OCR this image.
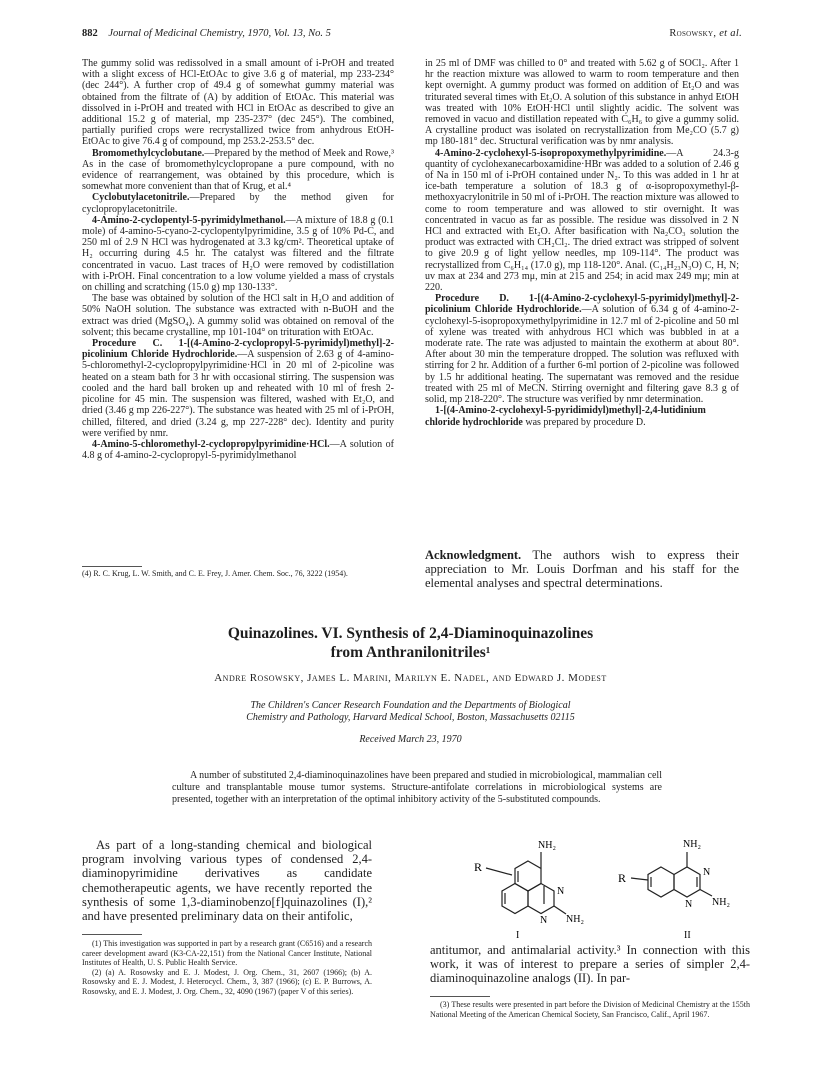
882 Journal of Medicinal Chemistry, 1970, Vol. 13, No. 5	Rosowsky, et al.

The gummy solid was redissolved in a small amount of i-PrOH and treated with a slight excess of HCl-EtOAc to give 3.6 g of material, mp 233-234° (dec 244°). A further crop of 49.4 g of somewhat gummy material was obtained from the filtrate of (A) by addition of EtOAc. This material was dissolved in i-PrOH and treated with HCl in EtOAc as described to give an additional 15.2 g of material, mp 235-237° (dec 245°). The combined, partially purified crops were recrystallized twice from anhydrous EtOH-EtOAc to give 76.4 g of compound, mp 253.2-253.5° dec.

Bromomethylcyclobutane.—Prepared by the method of Meek and Rowe,³ As in the case of bromomethylcyclopropane a pure compound, with no evidence of rearrangement, was obtained by this procedure, which is somewhat more convenient than that of Krug, et al.⁴

Cyclobutylacetonitrile.—Prepared by the method given for cyclopropylacetonitrile.

4-Amino-2-cyclopentyl-5-pyrimidylmethanol.—A mixture of 18.8 g (0.1 mole) of 4-amino-5-cyano-2-cyclopentylpyrimidine, 3.5 g of 10% Pd-C, and 250 ml of 2.9 N HCl was hydrogenated at 3.3 kg/cm². Theoretical uptake of H₂ occurring during 4.5 hr. The catalyst was filtered and the filtrate concentrated in vacuo. Last traces of H₂O were removed by codistillation with i-PrOH. Final concentration to a low volume yielded a mass of crystals on chilling and scratching (15.0 g) mp 130-133°.

The base was obtained by solution of the HCl salt in H₂O and addition of 50% NaOH solution. The substance was extracted with n-BuOH and the extract was dried (MgSO₄). A gummy solid was obtained on removal of the solvent; this became crystalline, mp 101-104° on trituration with EtOAc.

Procedure C. 1-[(4-Amino-2-cyclopropyl-5-pyrimidyl)methyl]-2-picolinium Chloride Hydrochloride.—A suspension of 2.63 g of 4-amino-5-chloromethyl-2-cyclopropylpyrimidine·HCl in 20 ml of 2-picoline was heated on a steam bath for 3 hr with occasional stirring. The suspension was cooled and the hard ball broken up and reheated with 10 ml of fresh 2-picoline for 45 min. The suspension was filtered, washed with Et₂O, and dried (3.46 g mp 226-227°). The substance was heated with 25 ml of i-PrOH, chilled, filtered, and dried (3.24 g, mp 227-228° dec). Identity and purity were verified by nmr.

4-Amino-5-chloromethyl-2-cyclopropylpyrimidine·HCl.—A solution of 4.8 g of 4-amino-2-cyclopropyl-5-pyrimidylmethanol

(4) R. C. Krug, L. W. Smith, and C. E. Frey, J. Amer. Chem. Soc., 76, 3222 (1954).

in 25 ml of DMF was chilled to 0° and treated with 5.62 g of SOCl₂. After 1 hr the reaction mixture was allowed to warm to room temperature and then kept overnight. A gummy product was formed on addition of Et₂O and was triturated several times with Et₂O. A solution of this substance in anhyd EtOH was treated with 10% EtOH·HCl until slightly acidic. The solvent was removed in vacuo and distillation repeated with C₆H₆ to give a gummy solid. A crystalline product was isolated on recrystallization from Me₂CO (5.7 g) mp 180-181° dec. Structural verification was by nmr analysis.

4-Amino-2-cyclohexyl-5-isopropoxymethylpyrimidine.—A 24.3-g quantity of cyclohexanecarboxamidine·HBr was added to a solution of 2.46 g of Na in 150 ml of i-PrOH contained under N₂. To this was added in 1 hr at ice-bath temperature a solution of 18.3 g of α-isopropoxymethyl-β-methoxyacrylonitrile in 50 ml of i-PrOH. The reaction mixture was allowed to come to room temperature and was allowed to stir overnight. It was concentrated in vacuo as far as possible. The residue was dissolved in 2 N HCl and extracted with Et₂O. After basification with Na₂CO₃ solution the product was extracted with CH₂Cl₂. The dried extract was stripped of solvent to give 20.9 g of light yellow needles, mp 109-114°. The product was recrystallized from C₆H₁₄ (17.0 g), mp 118-120°. Anal. (C₁₄H₂₃N₃O) C, H, N; uv max at 234 and 273 mμ, min at 215 and 254; in acid max 249 mμ; min at 220.

Procedure D. 1-[(4-Amino-2-cyclohexyl-5-pyrimidyl)methyl]-2-picolinium Chloride Hydrochloride.—A solution of 6.34 g of 4-amino-2-cyclohexyl-5-isopropoxymethylpyrimidine in 12.7 ml of 2-picoline and 50 ml of xylene was treated with anhydrous HCl which was bubbled in at a moderate rate. The rate was adjusted to maintain the exotherm at about 80°. After about 30 min the temperature dropped. The solution was refluxed with stirring for 2 hr. Addition of a further 6-ml portion of 2-picoline was followed by 1.5 hr additional heating. The supernatant was removed and the residue treated with 25 ml of MeCN. Stirring overnight and filtering gave 8.3 g of solid, mp 218-220°. The structure was verified by nmr determination.

1-[(4-Amino-2-cyclohexyl-5-pyridimidyl)methyl]-2,4-lutidinium chloride hydrochloride was prepared by procedure D.

Acknowledgment. The authors wish to express their appreciation to Mr. Louis Dorfman and his staff for the elemental analyses and spectral determinations.
Quinazolines. VI. Synthesis of 2,4-Diaminoquinazolines
from Anthranilonitriles¹
Andre Rosowsky, James L. Marini, Marilyn E. Nadel, and Edward J. Modest
The Children's Cancer Research Foundation and the Departments of Biological
Chemistry and Pathology, Harvard Medical School, Boston, Massachusetts 02115
Received March 23, 1970
A number of substituted 2,4-diaminoquinazolines have been prepared and studied in microbiological, mammalian cell culture and transplantable mouse tumor systems. Structure-antifolate correlations in microbiological systems are presented, together with an interpretation of the optimal inhibitory activity of the 5-substituted compounds.
As part of a long-standing chemical and biological program involving various types of condensed 2,4-diaminopyrimidine derivatives as candidate chemotherapeutic agents, we have recently reported the synthesis of some 1,3-diaminobenzo[f]quinazolines (I),² and have presented preliminary data on their antifolic,

(1) This investigation was supported in part by a research grant (C6516) and a research career development award (K3-CA-22,151) from the National Cancer Institute, National Institutes of Health, U. S. Public Health Service.

(2) (a) A. Rosowsky and E. J. Modest, J. Org. Chem., 31, 2607 (1966); (b) A. Rosowsky and E. J. Modest, J. Heterocycl. Chem., 3, 387 (1966); (c) E. P. Burrows, A. Rosowsky, and E. J. Modest, J. Org. Chem., 32, 4090 (1967) (paper V of this series).

R
NH₂
N
N NH₂
I
R
NH₂
N
N NH₂
II
antitumor, and antimalarial activity.³ In connection with this work, it was of interest to prepare a series of simpler 2,4-diaminoquinazoline analogs (II). In par-
(3) These results were presented in part before the Division of Medicinal Chemistry at the 155th National Meeting of the American Chemical Society, San Francisco, Calif., April 1967.
